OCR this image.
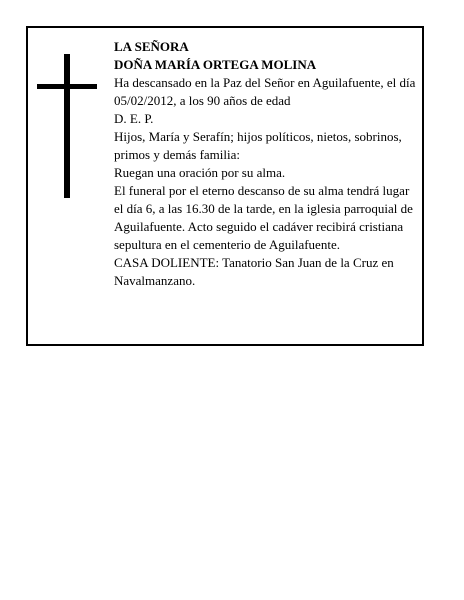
LA SEÑORA
DOÑA MARÍA ORTEGA MOLINA
Ha descansado en la Paz del Señor en Aguilafuente, el día 05/02/2012, a los 90 años de edad
D. E. P.
Hijos, María y Serafín; hijos políticos, nietos, sobrinos, primos y demás familia:
Ruegan una oración por su alma.
El funeral por el eterno descanso de su alma tendrá lugar el día 6, a las 16.30 de la tarde, en la iglesia parroquial de Aguilafuente. Acto seguido el cadáver recibirá cristiana sepultura en el cementerio de Aguilafuente.
CASA DOLIENTE: Tanatorio San Juan de la Cruz en Navalmanzano.
